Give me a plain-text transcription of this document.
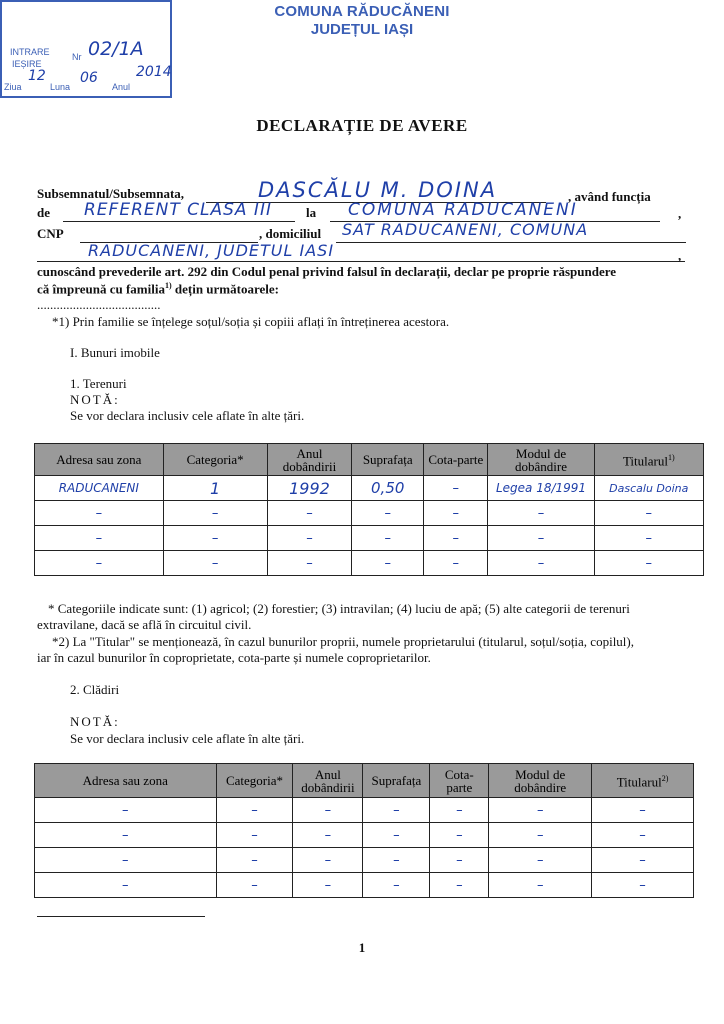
COMUNA RĂDUCĂNENI
JUDEȚUL IAȘI
INTRARE
IEȘIRE
Nr 02/1A
Ziua	Luna	Anul
12 06	2014
DECLARAȚIE DE AVERE
Subsemnatul/Subsemnata,	DASCĂLU M. DOINA	, având funcția
de REFERENT CLASA III	la COMUNA RADUCANENI	,
CNP	, domiciliul SAT RADUCANENI, COMUNA
RADUCANENI, JUDETUL IASI	,
cunoscând prevederile art. 292 din Codul penal privind falsul în declarații, declar pe proprie răspundere
că împreună cu familia$^{1)}$ dețin următoarele:
......................................
*1) Prin familie se înțelege soțul/soția și copiii aflați în întreținerea acestora.
I. Bunuri imobile
1. Terenuri
NOTĂ:
Se vor declara inclusiv cele aflate în alte țări.
Adresa sau zona	Categoria*	Anul dobândirii	Suprafața	Cota-parte	Modul de dobândire	Titularul$^{1)}$
RADUCANENI	1	1992	0,50	–	Legea 18/1991	Dascalu Doina
–	–	–	–	–	–	–
–	–	–	–	–	–	–
–	–	–	–	–	–	–
* Categoriile indicate sunt: (1) agricol; (2) forestier; (3) intravilan; (4) luciu de apă; (5) alte categorii de terenuri
extravilane, dacă se află în circuitul civil.
*2) La "Titular" se menționează, în cazul bunurilor proprii, numele proprietarului (titularul, soțul/soția, copilul),
iar în cazul bunurilor în coproprietate, cota-parte și numele coproprietarilor.
2. Clădiri
NOTĂ:
Se vor declara inclusiv cele aflate în alte țări.
Adresa sau zona	Categoria*	Anul dobândirii	Suprafața	Cota-parte	Modul de dobândire	Titularul$^{2)}$
–	–	–	–	–	–	–
–	–	–	–	–	–	–
–	–	–	–	–	–	–
–	–	–	–	–	–	–
1
